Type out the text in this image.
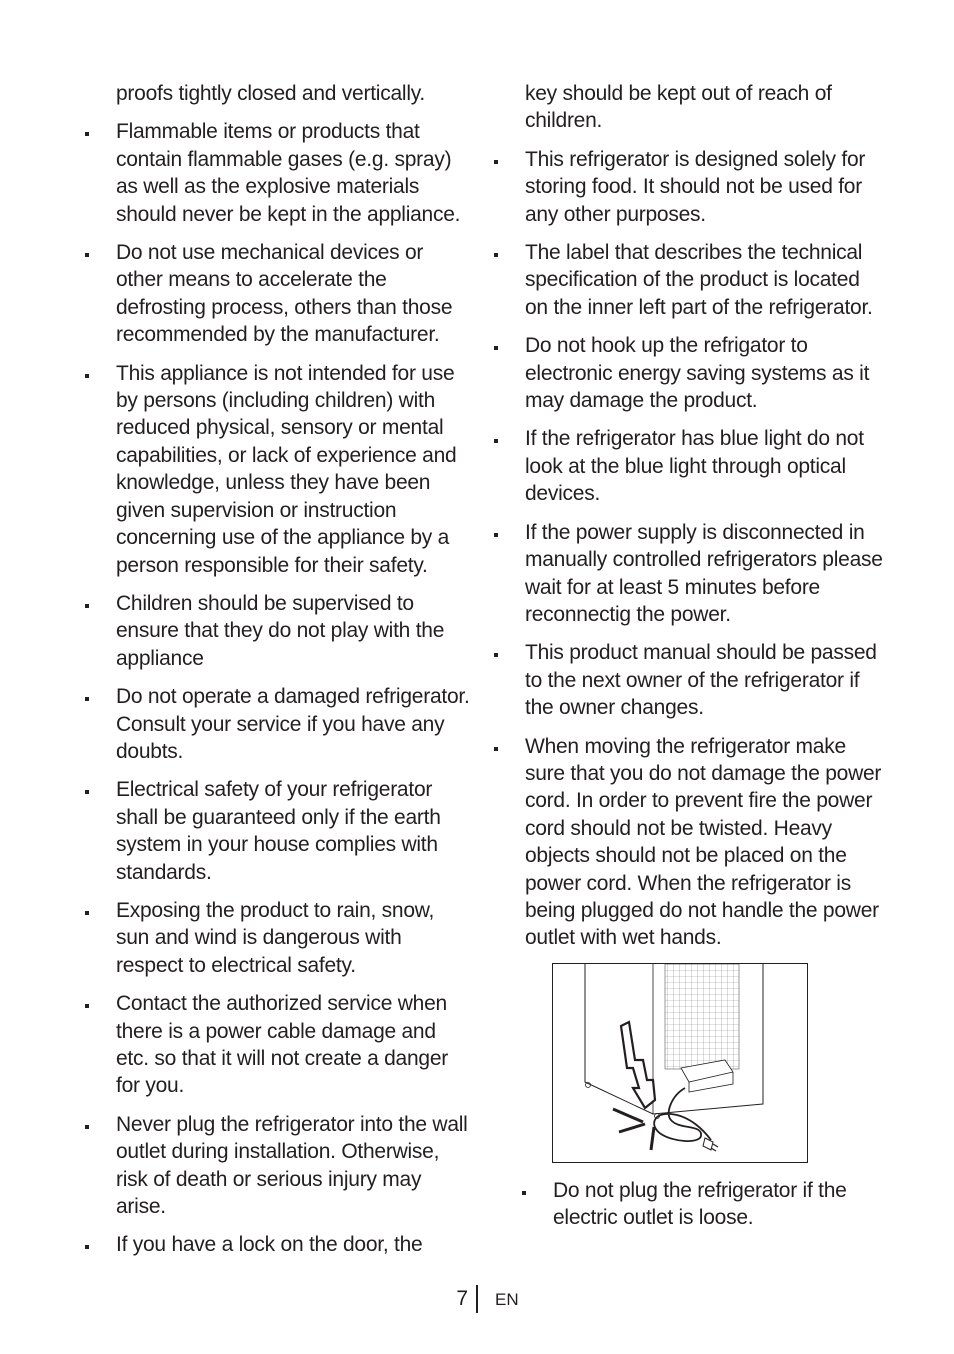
proofs tightly closed and vertically.

Flammable items or products that contain flammable gases (e.g. spray) as well as the explosive materials should never be kept in the appliance.
Do not use mechanical devices or other means to accelerate the defrosting process, others than those recommended by the manufacturer.
This appliance is not intended for use by persons (including children) with reduced physical, sensory or mental capabilities, or lack of experience and knowledge, unless they have been given supervision or instruction concerning use of the appliance by a person responsible for their safety.
Children should be supervised to ensure that they do not play with the appliance
Do not operate a damaged refrigerator. Consult your service if you have any doubts.
Electrical safety of your refrigerator shall be guaranteed only if the earth system in your house complies with standards.
Exposing the product to rain, snow, sun and wind is dangerous with respect to electrical safety.
Contact the authorized service when there is a power cable damage and etc. so that it will not create a danger for you.
Never plug the refrigerator into the wall outlet during installation. Otherwise, risk of death or serious injury may arise.
If you have a lock on the door, the

key should be kept out of reach of children.

This refrigerator is designed solely for storing food. It should not be used for any other purposes.
The label that describes the technical specification of the product is located on the inner left part of the refrigerator.
Do not hook up the refrigator to electronic energy saving systems as it may damage the product.
If the refrigerator has blue light do not look at the blue light through optical devices.
If the power supply is disconnected in manually controlled refrigerators please wait for at least 5 minutes before reconnectig the power.
This product manual should be passed to the next owner of the refrigerator if the owner changes.
When moving the refrigerator make sure that you do not damage the power cord. In order to prevent fire the power cord should not be twisted. Heavy objects should not be placed on the power cord. When the refrigerator is being plugged do not handle the power outlet with wet hands.
Do not plug the refrigerator if the electric outlet is loose.
7 EN
